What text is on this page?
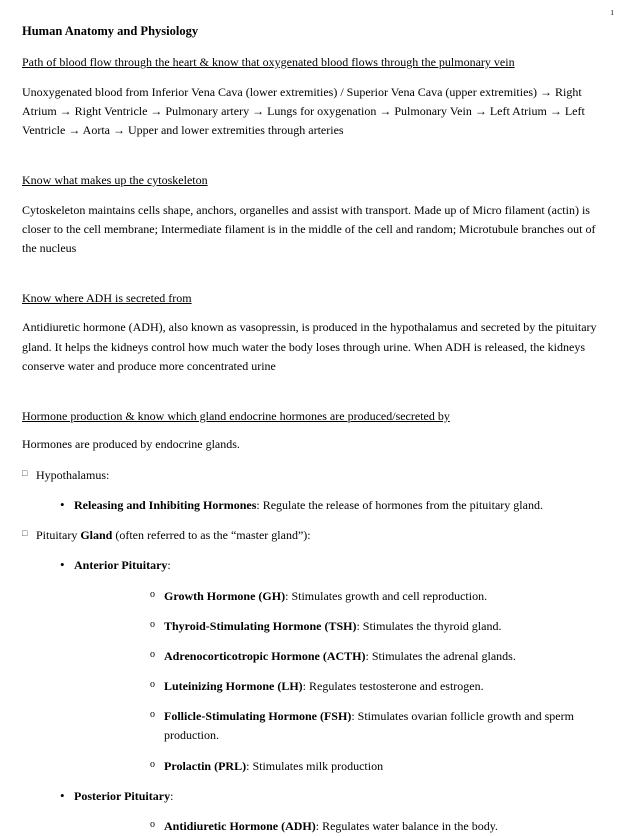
1
Human Anatomy and Physiology
Path of blood flow through the heart & know that oxygenated blood flows through the pulmonary vein
Unoxygenated blood from Inferior Vena Cava (lower extremities) / Superior Vena Cava (upper extremities) → Right Atrium → Right Ventricle → Pulmonary artery → Lungs for oxygenation → Pulmonary Vein → Left Atrium → Left Ventricle → Aorta → Upper and lower extremities through arteries
Know what makes up the cytoskeleton
Cytoskeleton maintains cells shape, anchors, organelles and assist with transport. Made up of Micro filament (actin) is closer to the cell membrane; Intermediate filament is in the middle of the cell and random; Microtubule branches out of the nucleus
Know where ADH is secreted from
Antidiuretic hormone (ADH), also known as vasopressin, is produced in the hypothalamus and secreted by the pituitary gland. It helps the kidneys control how much water the body loses through urine. When ADH is released, the kidneys conserve water and produce more concentrated urine
Hormone production & know which gland endocrine hormones are produced/secreted by
Hormones are produced by endocrine glands.
□ Hypothalamus:
• Releasing and Inhibiting Hormones: Regulate the release of hormones from the pituitary gland.
□ Pituitary Gland (often referred to as the “master gland”):
• Anterior Pituitary:
o Growth Hormone (GH): Stimulates growth and cell reproduction.
o Thyroid-Stimulating Hormone (TSH): Stimulates the thyroid gland.
o Adrenocorticotropic Hormone (ACTH): Stimulates the adrenal glands.
o Luteinizing Hormone (LH): Regulates testosterone and estrogen.
o Follicle-Stimulating Hormone (FSH): Stimulates ovarian follicle growth and sperm production.
o Prolactin (PRL): Stimulates milk production
• Posterior Pituitary:
o Antidiuretic Hormone (ADH): Regulates water balance in the body.
